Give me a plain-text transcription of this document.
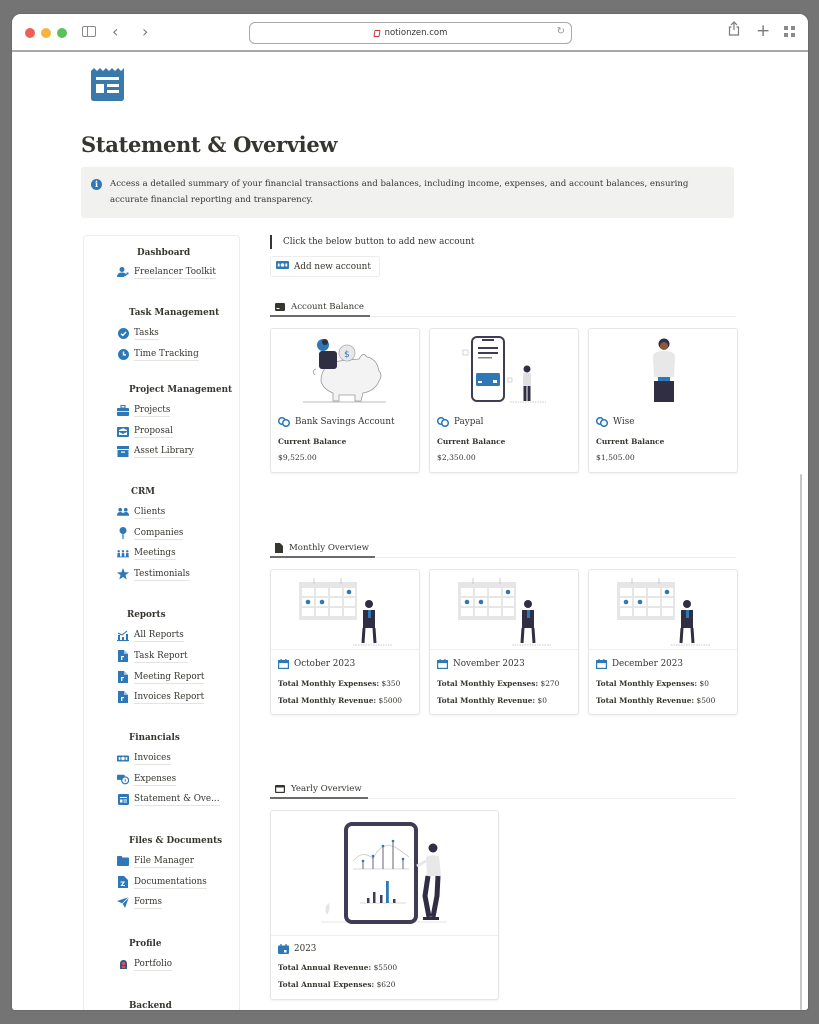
‹ ›	notionzen.com	↻	+
Statement & Overview
i	Access a detailed summary of your financial transactions and balances, including income, expenses, and account balances, ensuring accurate financial reporting and transparency.
Dashboard
Freelancer Toolkit
Task Management
Tasks
Time Tracking
Project Management
Projects
Proposal
Asset Library
CRM
Clients
Companies
Meetings
Testimonials
Reports
All Reports
Task Report
Meeting Report
Invoices Report
Financials
Invoices
Expenses
Statement & Ove...
Files & Documents
File Manager
Documentations
Forms
Profile
Portfolio
Backend
Click the below button to add new account
Add new account
Account Balance
$
Bank Savings Account
Current Balance
$9,525.00
Paypal
Current Balance
$2,350.00
Wise
Current Balance
$1,505.00
Monthly Overview
October 2023
Total Monthly Expenses: $350
Total Monthly Revenue: $5000
November 2023
Total Monthly Expenses: $270
Total Monthly Revenue: $0
December 2023
Total Monthly Expenses: $0
Total Monthly Revenue: $500
Yearly Overview
2023
Total Annual Revenue: $5500
Total Annual Expenses: $620
